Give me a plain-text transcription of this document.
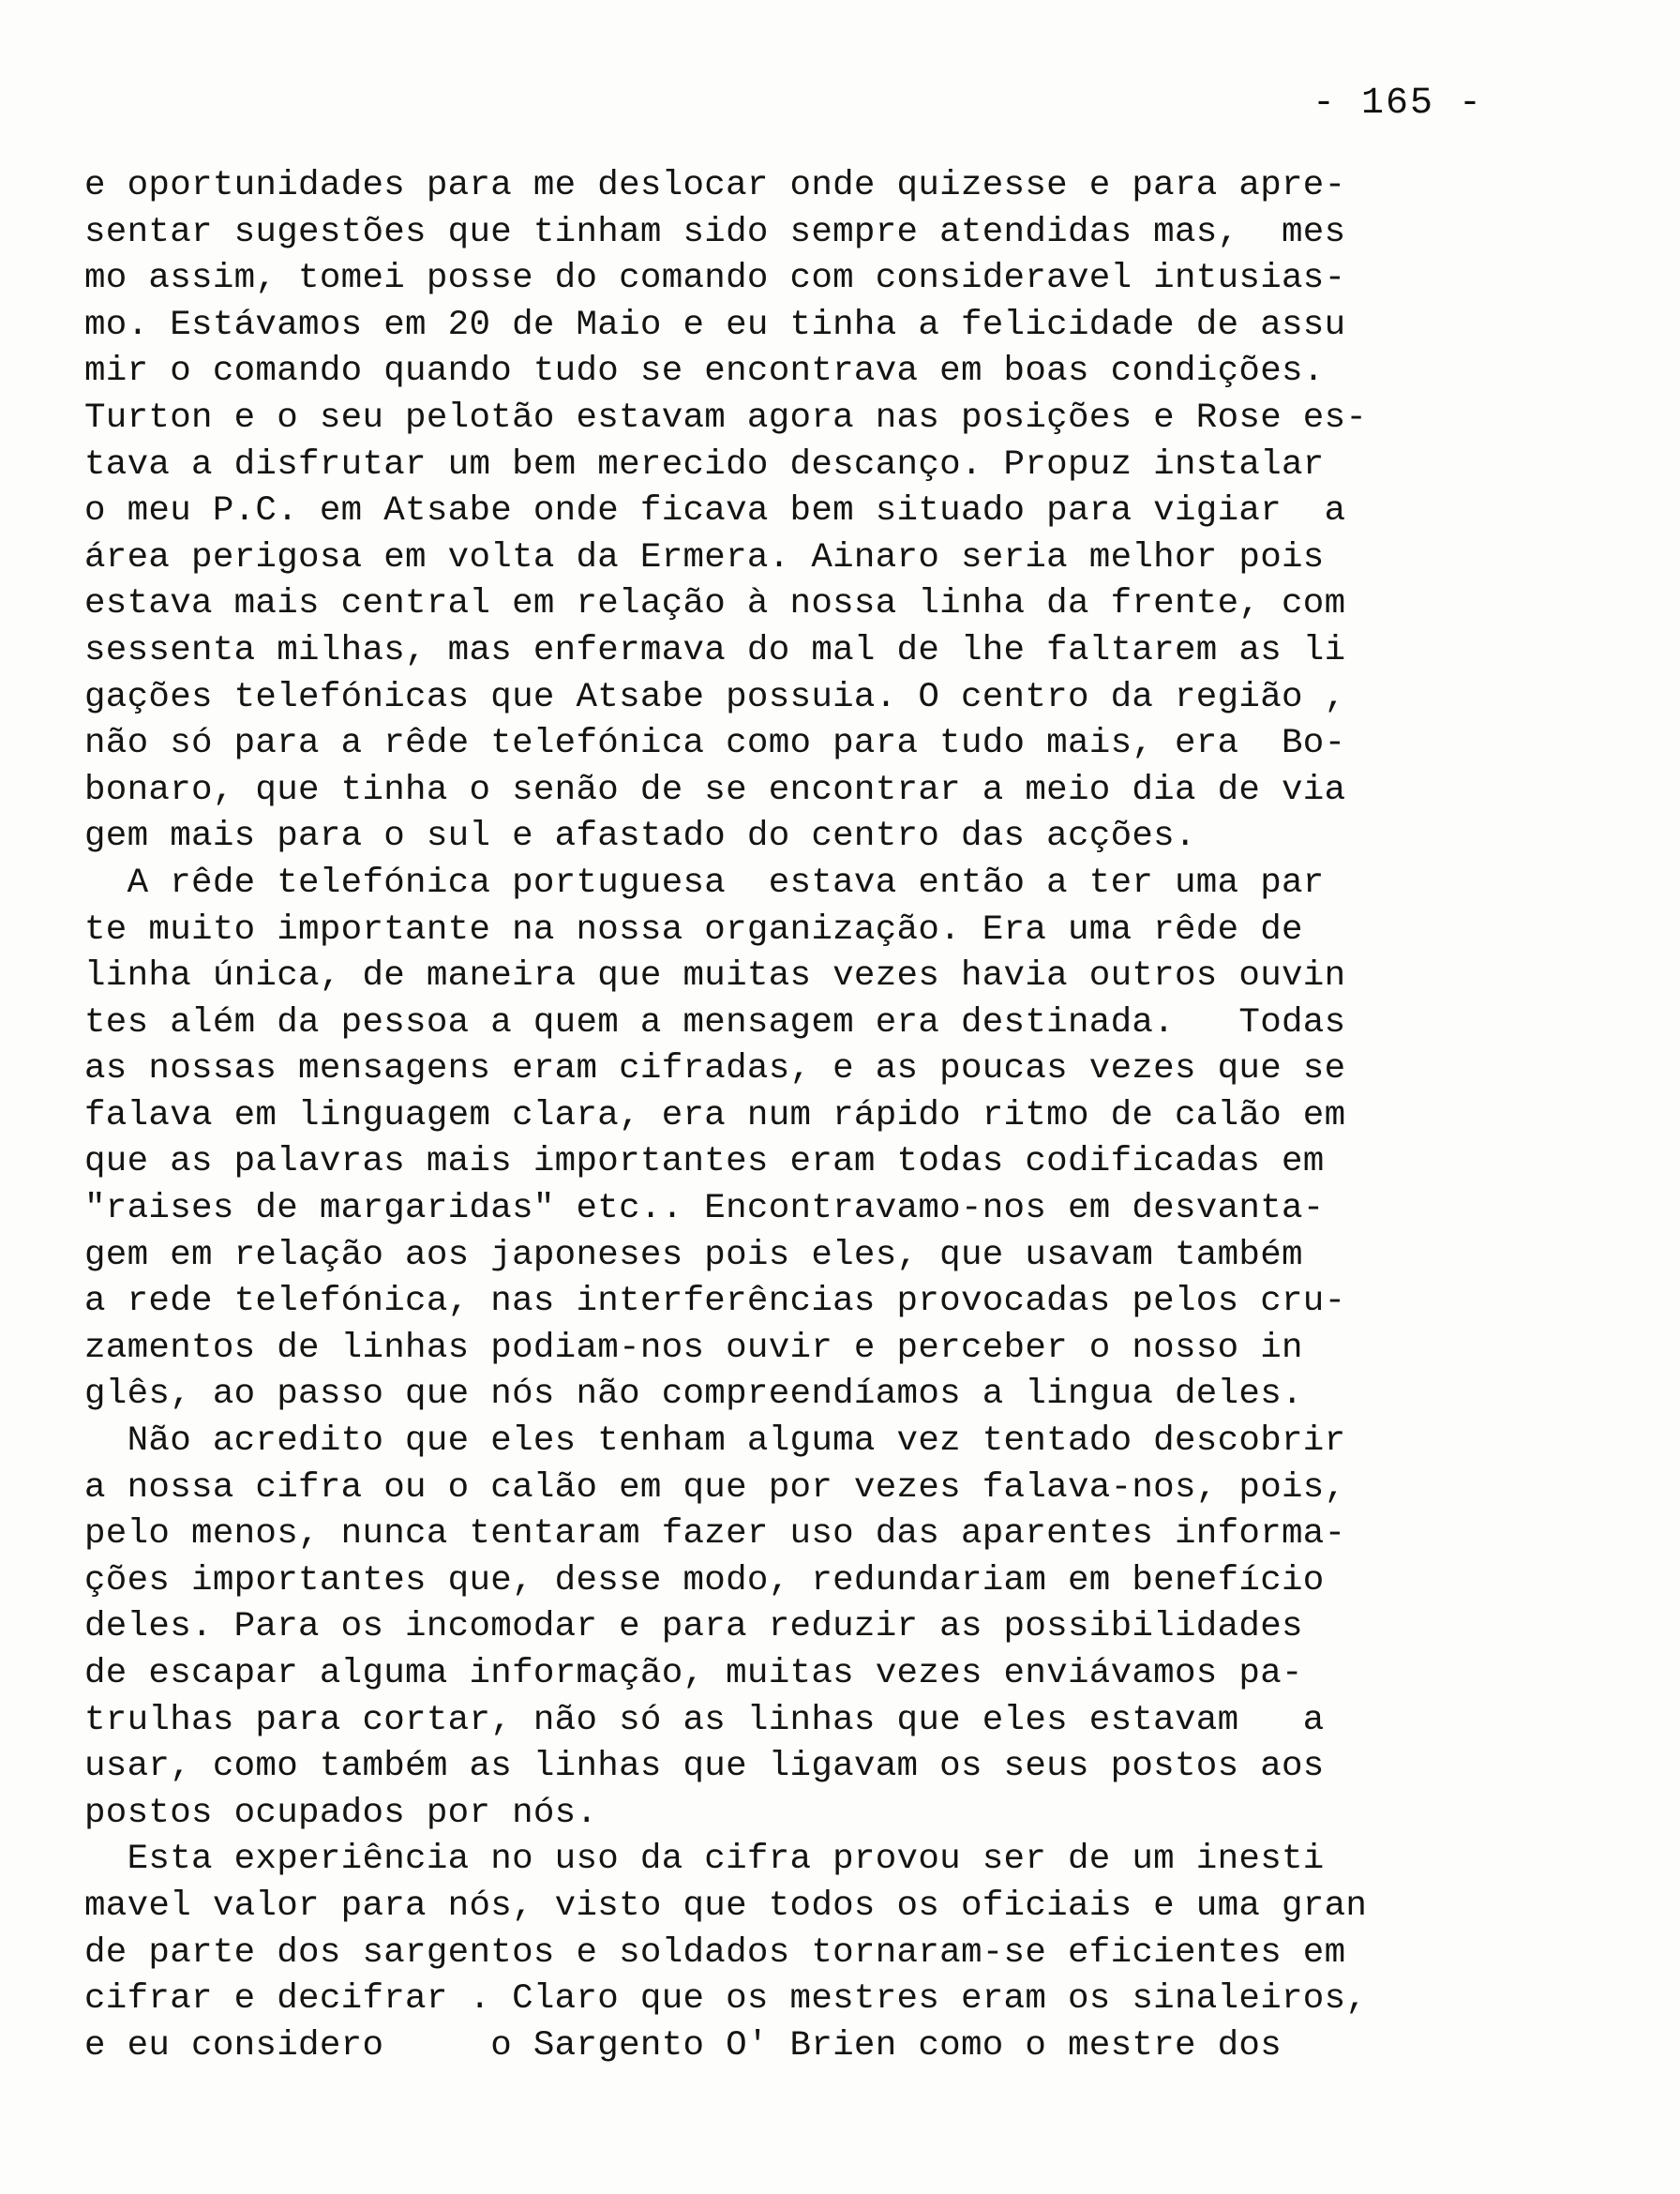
- 165 -
e oportunidades para me deslocar onde quizesse e para apre-
sentar sugestões que tinham sido sempre atendidas mas,  mes
mo assim, tomei posse do comando com consideravel intusias-
mo. Estávamos em 20 de Maio e eu tinha a felicidade de assu
mir o comando quando tudo se encontrava em boas condições.
Turton e o seu pelotão estavam agora nas posições e Rose es-
tava a disfrutar um bem merecido descanço. Propuz instalar
o meu P.C. em Atsabe onde ficava bem situado para vigiar  a
área perigosa em volta da Ermera. Ainaro seria melhor pois
estava mais central em relação à nossa linha da frente, com
sessenta milhas, mas enfermava do mal de lhe faltarem as li
gações telefónicas que Atsabe possuia. O centro da região ,
não só para a rêde telefónica como para tudo mais, era  Bo-
bonaro, que tinha o senão de se encontrar a meio dia de via
gem mais para o sul e afastado do centro das acções.
A rêde telefónica portuguesa  estava então a ter uma par
te muito importante na nossa organização. Era uma rêde de
linha única, de maneira que muitas vezes havia outros ouvin
tes além da pessoa a quem a mensagem era destinada.   Todas
as nossas mensagens eram cifradas, e as poucas vezes que se
falava em linguagem clara, era num rápido ritmo de calão em
que as palavras mais importantes eram todas codificadas em
"raises de margaridas" etc.. Encontravamo-nos em desvanta-
gem em relação aos japoneses pois eles, que usavam também
a rede telefónica, nas interferências provocadas pelos cru-
zamentos de linhas podiam-nos ouvir e perceber o nosso in
glês, ao passo que nós não compreendíamos a lingua deles.
Não acredito que eles tenham alguma vez tentado descobrir
a nossa cifra ou o calão em que por vezes falava-nos, pois,
pelo menos, nunca tentaram fazer uso das aparentes informa-
ções importantes que, desse modo, redundariam em benefício
deles. Para os incomodar e para reduzir as possibilidades
de escapar alguma informação, muitas vezes enviávamos pa-
trulhas para cortar, não só as linhas que eles estavam   a
usar, como também as linhas que ligavam os seus postos aos
postos ocupados por nós.
Esta experiência no uso da cifra provou ser de um inesti
mavel valor para nós, visto que todos os oficiais e uma gran
de parte dos sargentos e soldados tornaram-se eficientes em
cifrar e decifrar . Claro que os mestres eram os sinaleiros,
e eu considero     o Sargento O' Brien como o mestre dos
